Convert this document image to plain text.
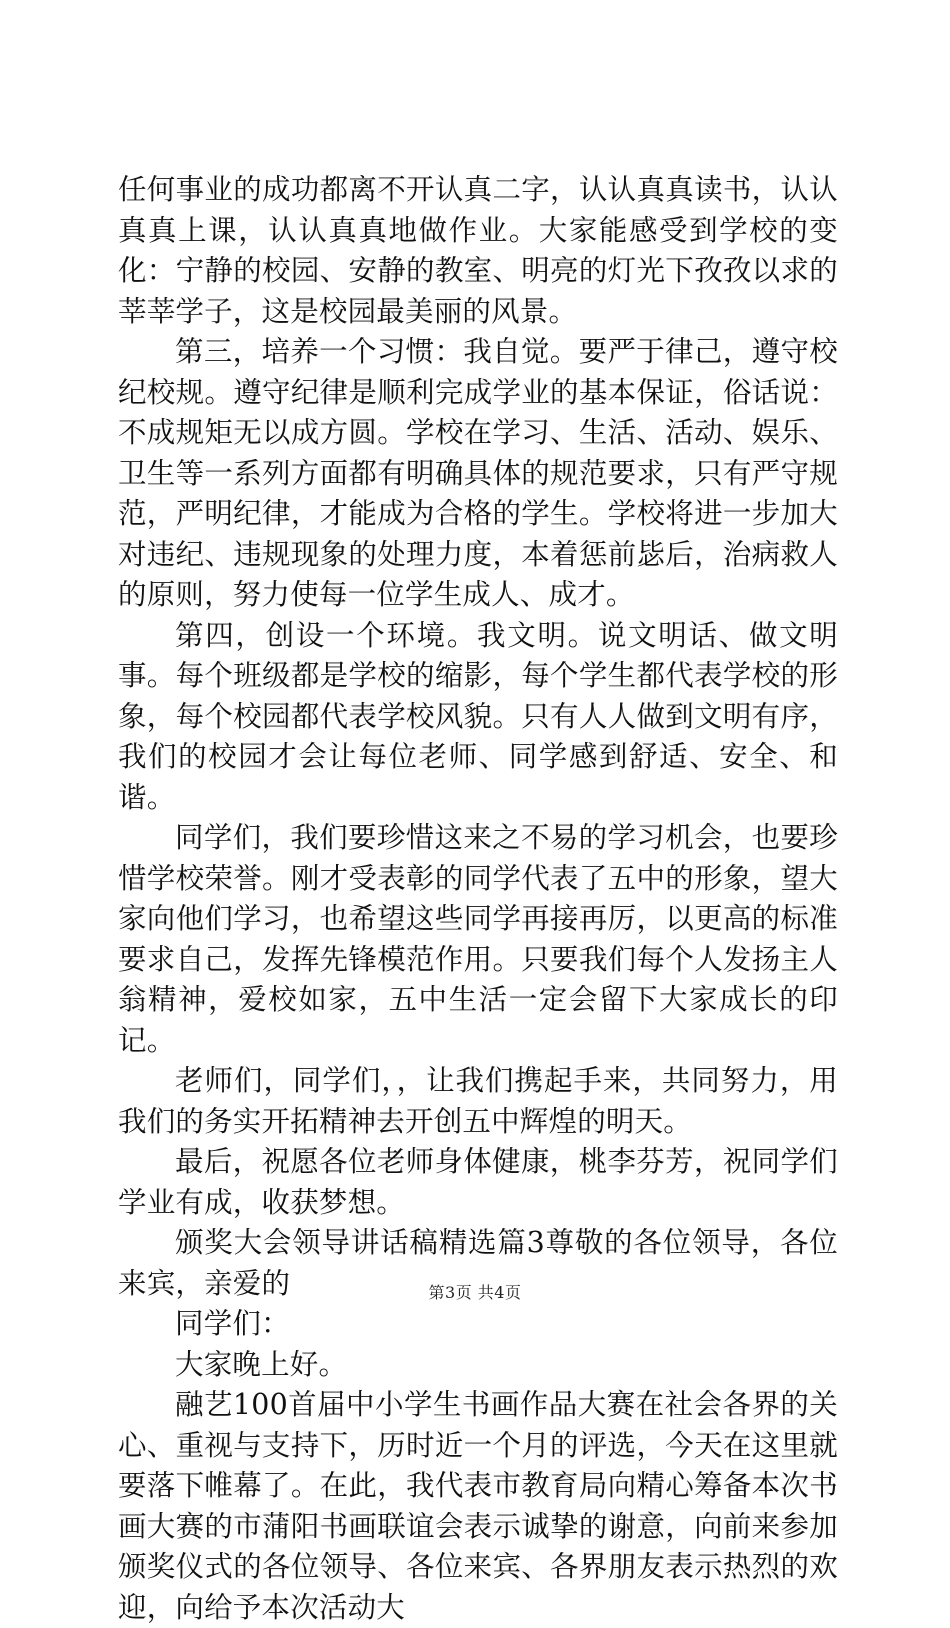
任何事业的成功都离不开认真二字，认认真真读书，认认真真上课，认认真真地做作业。大家能感受到学校的变化：宁静的校园、安静的教室、明亮的灯光下孜孜以求的莘莘学子，这是校园最美丽的风景。

第三，培养一个习惯：我自觉。要严于律己，遵守校纪校规。遵守纪律是顺利完成学业的基本保证，俗话说：不成规矩无以成方圆。学校在学习、生活、活动、娱乐、卫生等一系列方面都有明确具体的规范要求，只有严守规范，严明纪律，才能成为合格的学生。学校将进一步加大对违纪、违规现象的处理力度，本着惩前毖后，治病救人的原则，努力使每一位学生成人、成才。

第四，创设一个环境。我文明。说文明话、做文明事。每个班级都是学校的缩影，每个学生都代表学校的形象，每个校园都代表学校风貌。只有人人做到文明有序，我们的校园才会让每位老师、同学感到舒适、安全、和谐。

同学们，我们要珍惜这来之不易的学习机会，也要珍惜学校荣誉。刚才受表彰的同学代表了五中的形象，望大家向他们学习，也希望这些同学再接再厉，以更高的标准要求自己，发挥先锋模范作用。只要我们每个人发扬主人翁精神，爱校如家，五中生活一定会留下大家成长的印记。

老师们，同学们，，让我们携起手来，共同努力，用我们的务实开拓精神去开创五中辉煌的明天。

最后，祝愿各位老师身体健康，桃李芬芳，祝同学们学业有成，收获梦想。

颁奖大会领导讲话稿精选篇3尊敬的各位领导，各位来宾，亲爱的

同学们：

大家晚上好。

融艺100首届中小学生书画作品大赛在社会各界的关心、重视与支持下，历时近一个月的评选，今天在这里就要落下帷幕了。在此，我代表市教育局向精心筹备本次书画大赛的市蒲阳书画联谊会表示诚挚的谢意，向前来参加颁奖仪式的各位领导、各位来宾、各界朋友表示热烈的欢迎，向给予本次活动大

第3页 共4页
